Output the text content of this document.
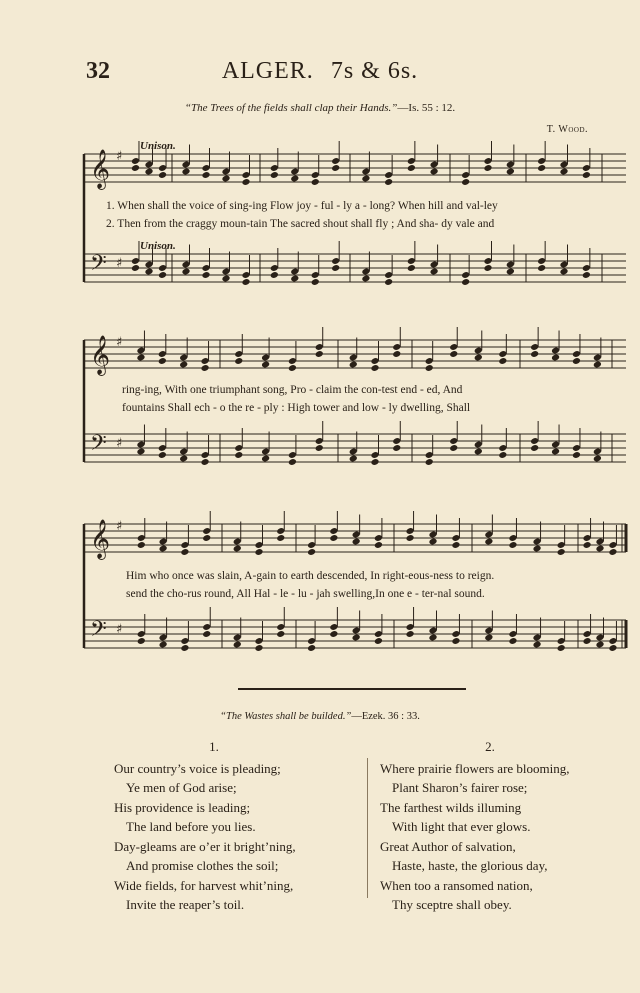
32	ALGER. 7s & 6s.
“The Trees of the fields shall clap their Hands.”—Is. 55 : 12.
T. Wood.
𝄞 ♯
𝄢 ♯
Unison.
1. When shall the voice of sing-ing Flow joy - ful - ly a - long? When hill and val-ley
2. Then from the craggy moun-tain The sacred shout shall fly ; And sha- dy vale and
Unison.
𝄞 ♯
𝄢 ♯
ring-ing, With one triumphant song, Pro - claim the con-test end - ed, And
fountains Shall ech - o the re - ply : High tower and low - ly dwelling, Shall
𝄞 ♯
𝄢 ♯
Him who once was slain, A-gain to earth descended, In right-eous-ness to reign.
send the cho-rus round, All Hal - le - lu - jah swelling,In one e - ter-nal sound.
“The Wastes shall be builded.”—Ezek. 36 : 33.
1.
Our country’s voice is pleading;
Ye men of God arise;
His providence is leading;
The land before you lies.
Day-gleams are o’er it bright’ning,
And promise clothes the soil;
Wide fields, for harvest whit’ning,
Invite the reaper’s toil.
2.
Where prairie flowers are blooming,
Plant Sharon’s fairer rose;
The farthest wilds illuming
With light that ever glows.
Great Author of salvation,
Haste, haste, the glorious day,
When too a ransomed nation,
Thy sceptre shall obey.
